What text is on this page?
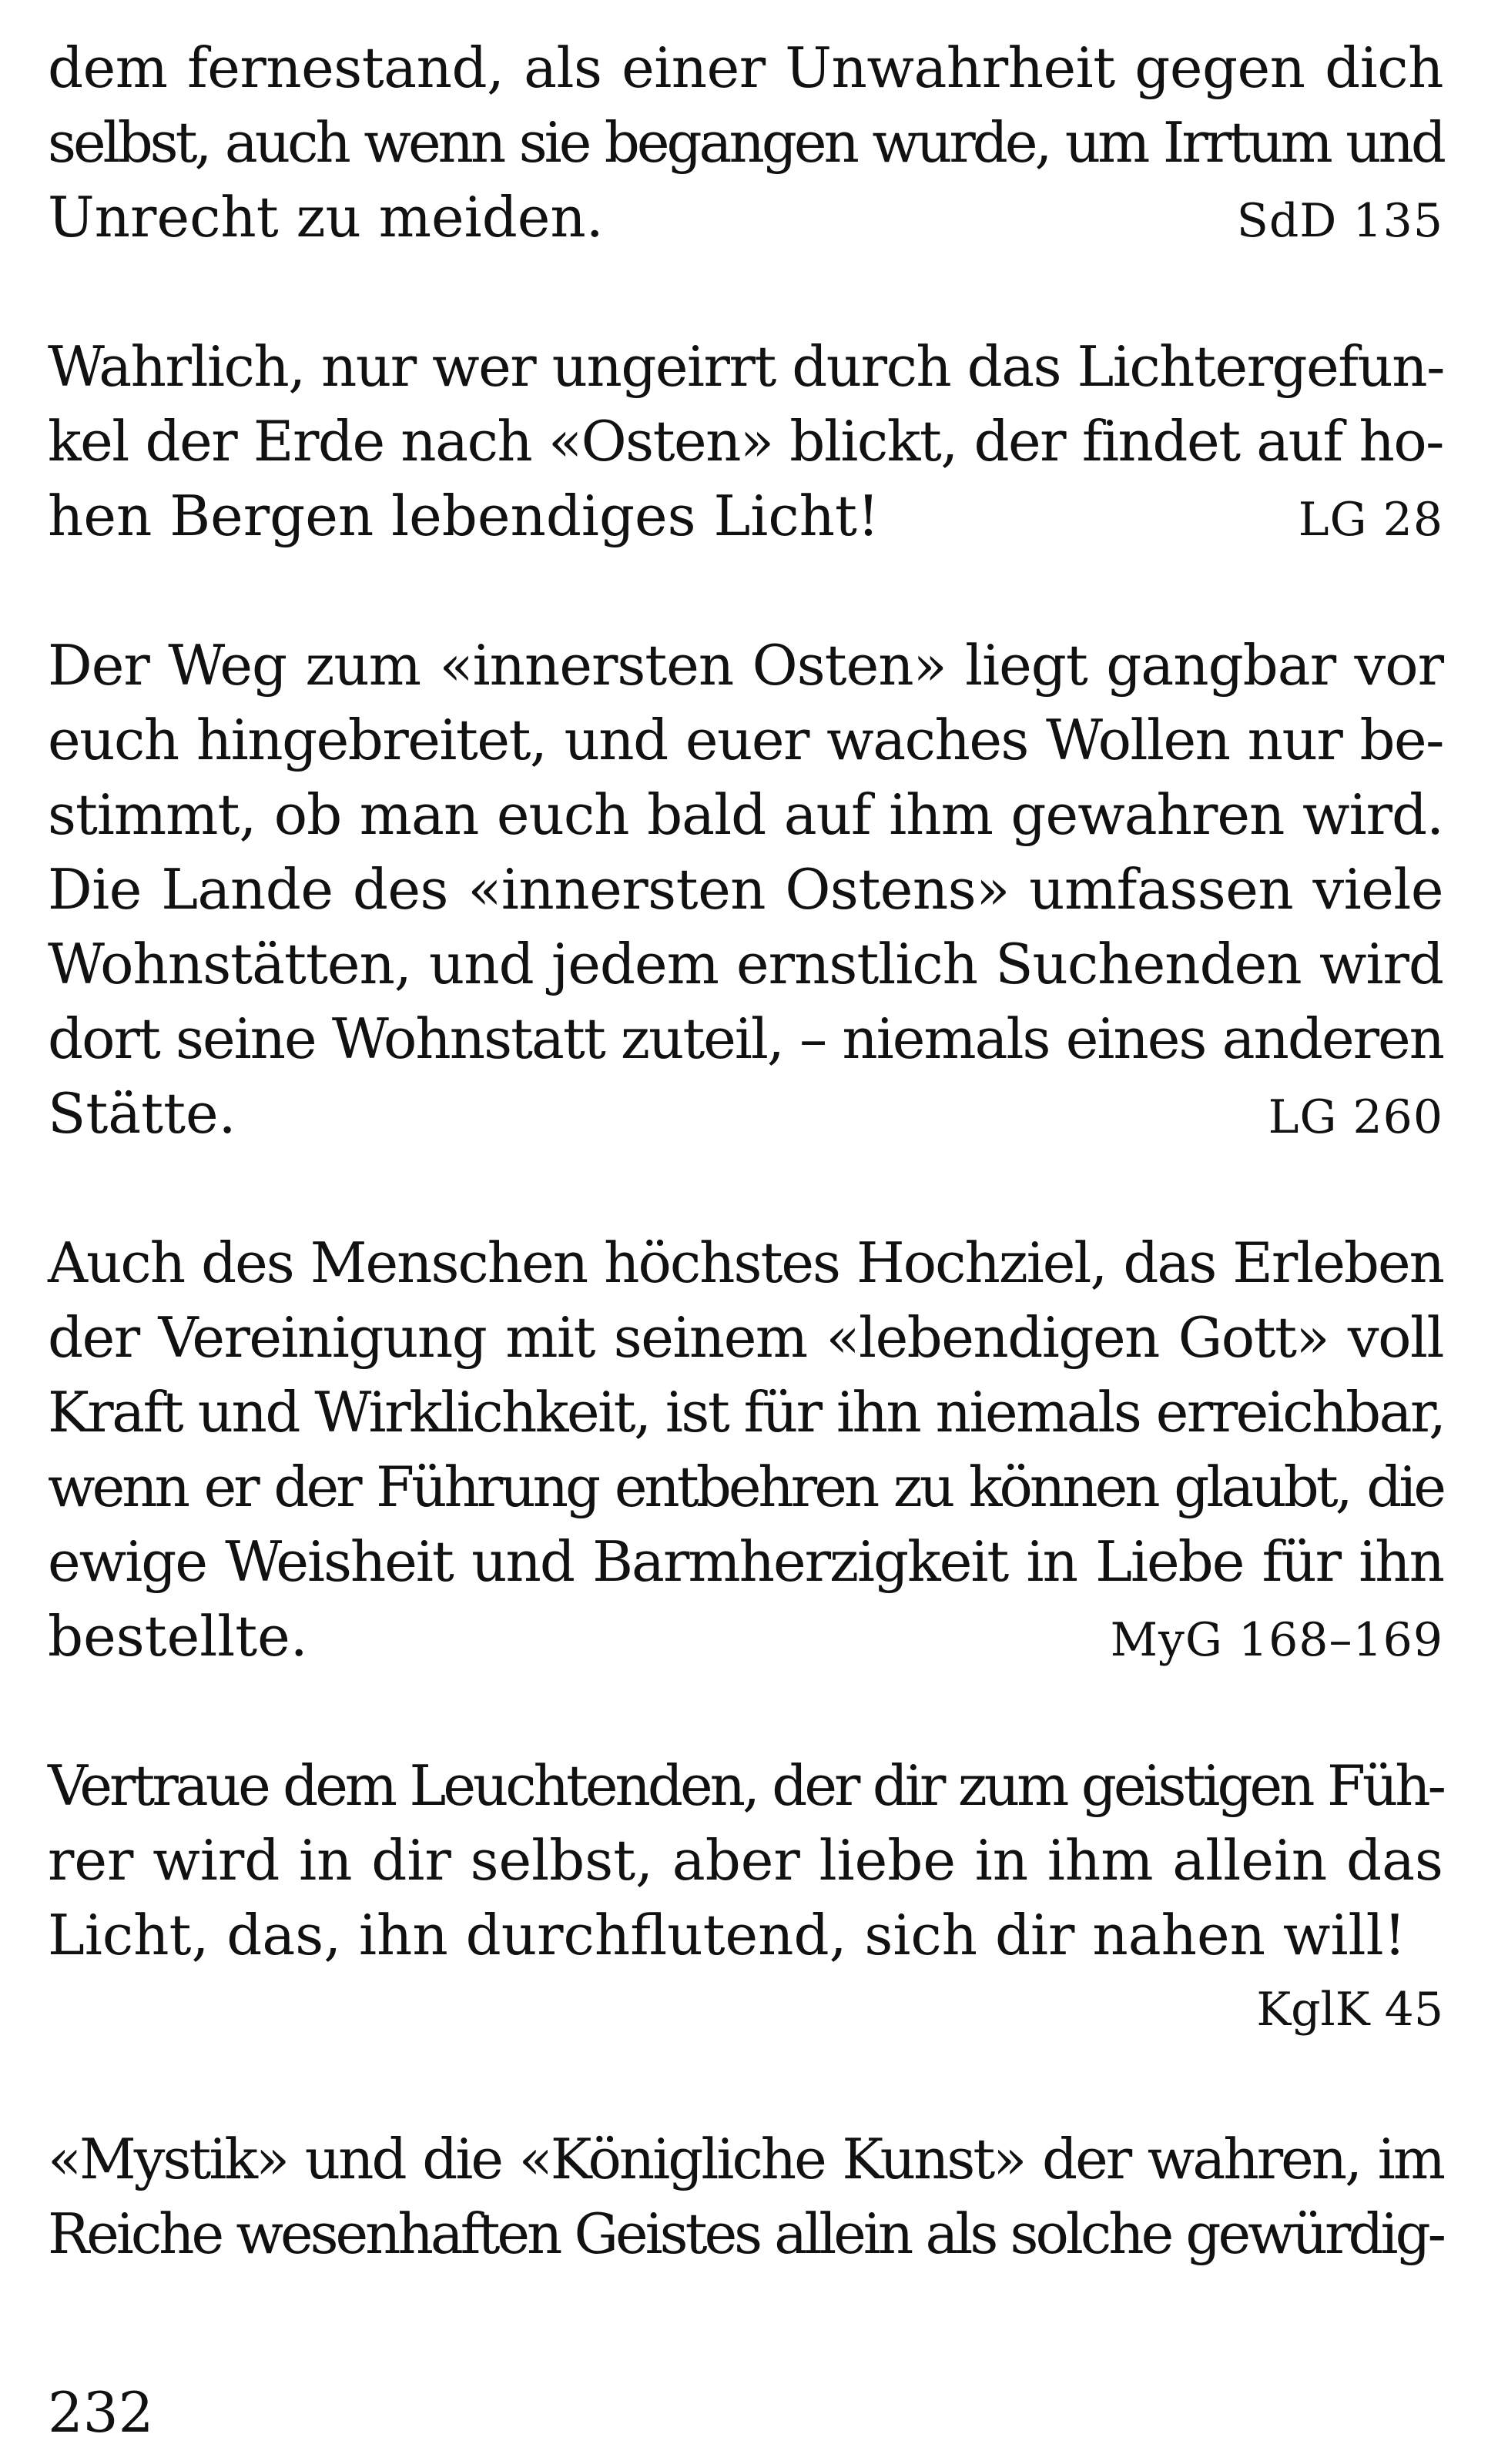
dem fernestand, als einer Unwahrheit gegen dich
selbst, auch wenn sie begangen wurde, um Irrtum und
Unrecht zu meiden.	SdD 135
Wahrlich, nur wer ungeirrt durch das Lichtergefun-
kel der Erde nach «Osten» blickt, der findet auf ho-
hen Bergen lebendiges Licht!	LG 28
Der Weg zum «innersten Osten» liegt gangbar vor
euch hingebreitet, und euer waches Wollen nur be-
stimmt, ob man euch bald auf ihm gewahren wird.
Die Lande des «innersten Ostens» umfassen viele
Wohnstätten, und jedem ernstlich Suchenden wird
dort seine Wohnstatt zuteil, – niemals eines anderen
Stätte.	LG 260
Auch des Menschen höchstes Hochziel, das Erleben
der Vereinigung mit seinem «lebendigen Gott» voll
Kraft und Wirklichkeit, ist für ihn niemals erreichbar,
wenn er der Führung entbehren zu können glaubt, die
ewige Weisheit und Barmherzigkeit in Liebe für ihn
bestellte.	MyG 168–169
Vertraue dem Leuchtenden, der dir zum geistigen Füh-
rer wird in dir selbst, aber liebe in ihm allein das
Licht, das, ihn durchflutend, sich dir nahen will!
KglK 45
«Mystik» und die «Königliche Kunst» der wahren, im
Reiche wesenhaften Geistes allein als solche gewürdig-
232
